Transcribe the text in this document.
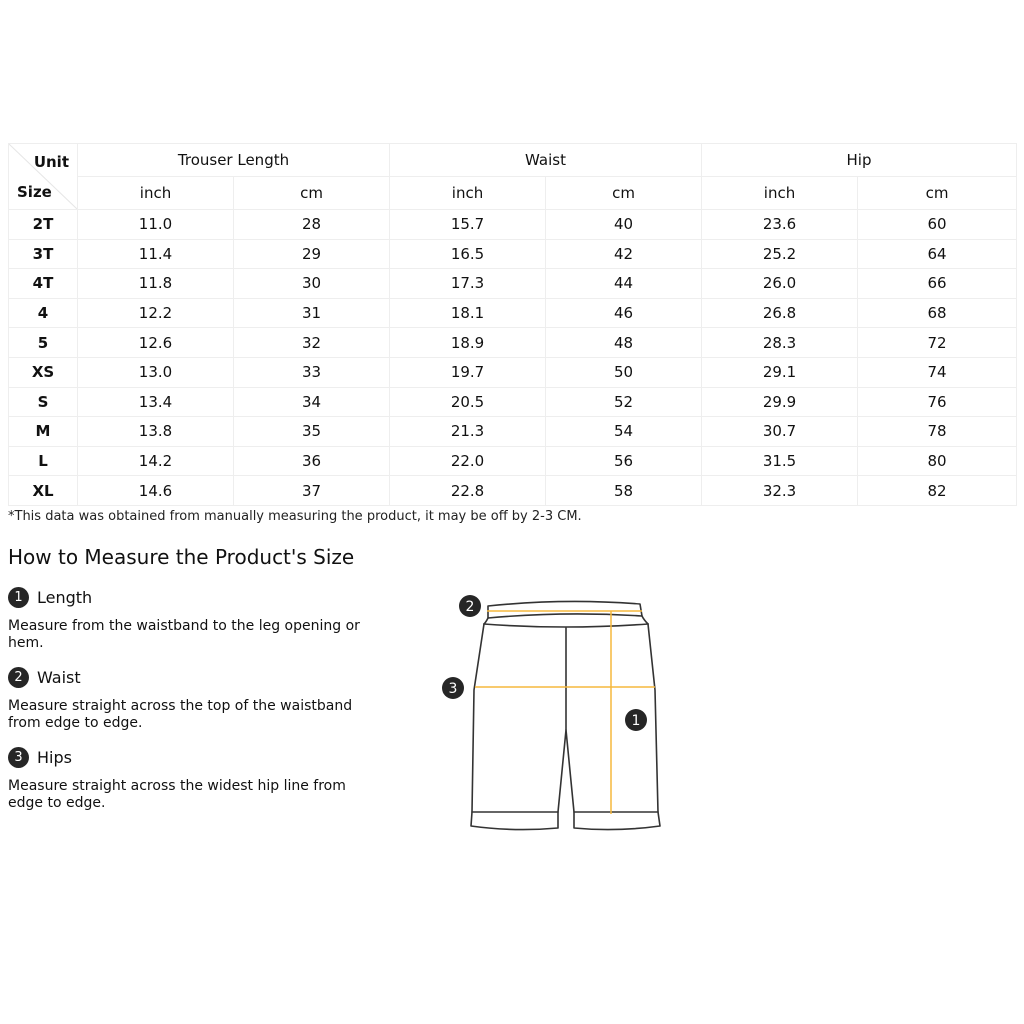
Unit
Size	Trouser Length		Waist		Hip	
	inch	cm	inch	cm	inch	cm
2T	11.0	28	15.7	40	23.6	60
3T	11.4	29	16.5	42	25.2	64
4T	11.8	30	17.3	44	26.0	66
4	12.2	31	18.1	46	26.8	68
5	12.6	32	18.9	48	28.3	72
XS	13.0	33	19.7	50	29.1	74
S	13.4	34	20.5	52	29.9	76
M	13.8	35	21.3	54	30.7	78
L	14.2	36	22.0	56	31.5	80
XL	14.6	37	22.8	58	32.3	82
*This data was obtained from manually measuring the product, it may be off by 2-3 CM.
How to Measure the Product's Size
1 Length
Measure from the waistband to the leg opening or hem.
2 Waist
Measure straight across the top of the waistband from edge to edge.
3 Hips
Measure straight across the widest hip line from edge to edge.
2
3
1
